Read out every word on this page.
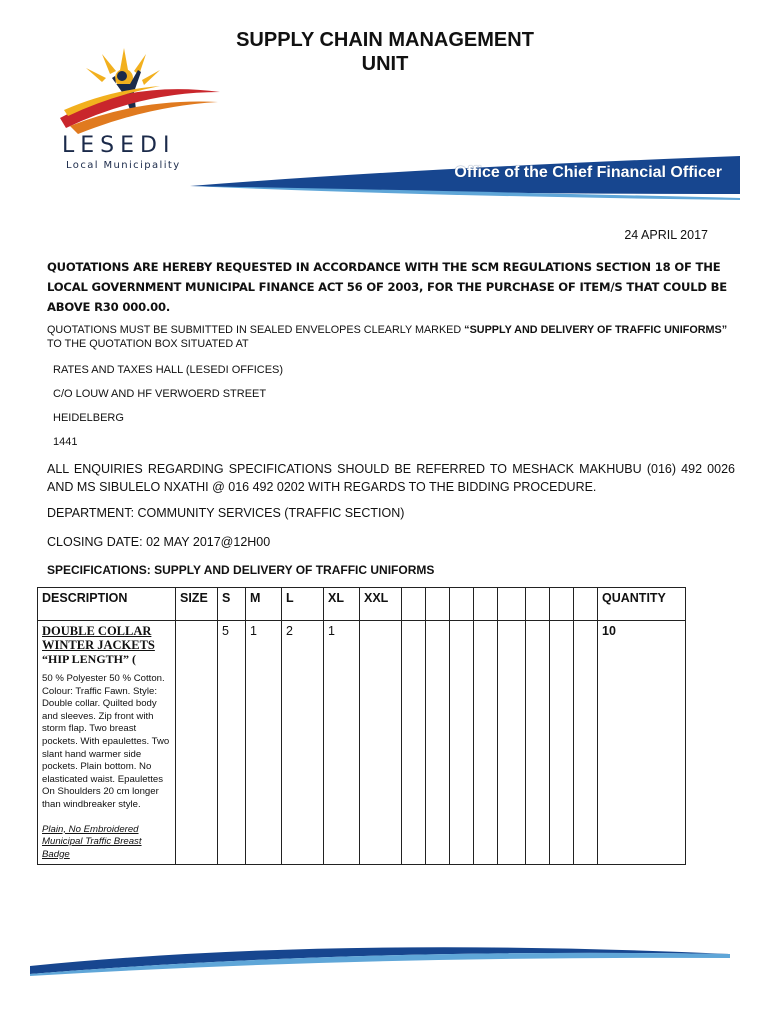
SUPPLY CHAIN MANAGEMENT
UNIT
LESEDI
Local Municipality	Office of the Chief Financial Officer
24 APRIL 2017
QUOTATIONS ARE HEREBY REQUESTED IN ACCORDANCE WITH THE SCM REGULATIONS SECTION 18 OF THE LOCAL GOVERNMENT MUNICIPAL FINANCE ACT 56 OF 2003, FOR THE PURCHASE OF ITEM/S THAT COULD BE ABOVE R30 000.00.
QUOTATIONS MUST BE SUBMITTED IN SEALED ENVELOPES CLEARLY MARKED “SUPPLY AND DELIVERY OF TRAFFIC UNIFORMS” TO THE QUOTATION BOX SITUATED AT
RATES AND TAXES HALL (LESEDI OFFICES)
C/O LOUW AND HF VERWOERD STREET
HEIDELBERG
1441
ALL ENQUIRIES REGARDING SPECIFICATIONS SHOULD BE REFERRED TO MESHACK MAKHUBU (016) 492 0026 AND MS SIBULELO NXATHI @ 016 492 0202 WITH REGARDS TO THE BIDDING PROCEDURE.
DEPARTMENT: COMMUNITY SERVICES (TRAFFIC SECTION)
CLOSING DATE: 02 MAY 2017@12H00
SPECIFICATIONS: SUPPLY AND DELIVERY OF TRAFFIC UNIFORMS
DESCRIPTION	SIZE	S	M	L	XL	XXL									QUANTITY

DOUBLE COLLAR WINTER JACKETS
“HIP LENGTH” (
50 % Polyester 50 % Cotton. Colour: Traffic Fawn. Style: Double collar. Quilted body and sleeves. Zip front with storm flap. Two breast pockets. With epaulettes. Two slant hand warmer side pockets. Plain bottom. No elasticated waist. Epaulettes On Shoulders 20 cm longer than windbreaker style.
Plain, No Embroidered Municipal Traffic Breast Badge		5	1	2	1										10
